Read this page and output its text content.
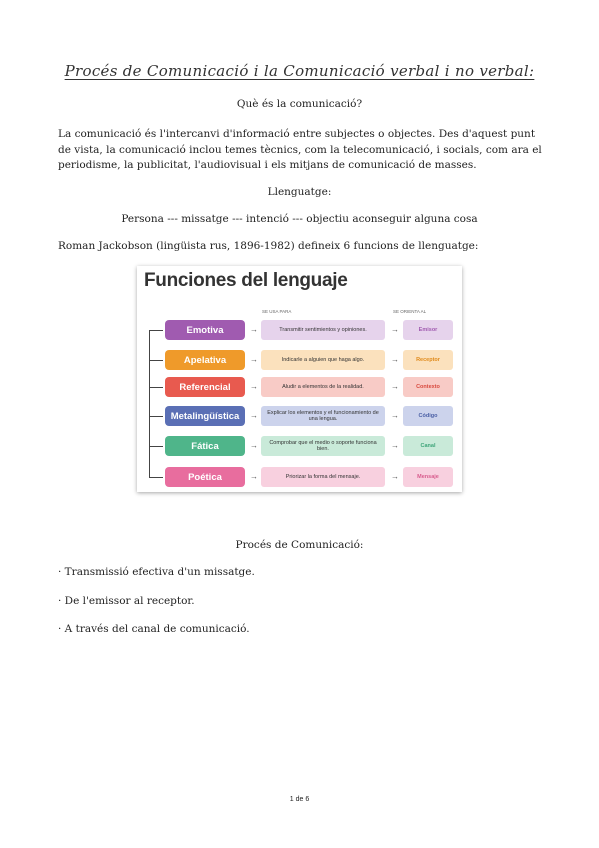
Procés de Comunicació i la Comunicació verbal i no verbal:
Què és la comunicació?
La comunicació és l'intercanvi d'informació entre subjectes o objectes. Des d'aquest punt de vista, la comunicació inclou temes tècnics, com la telecomunicació, i socials, com ara el periodisme, la publicitat, l'audiovisual i els mitjans de comunicació de masses.
Llenguatge:
Persona --- missatge --- intenció --- objectiu aconseguir alguna cosa
Roman Jackobson (lingüista rus, 1896-1982) defineix 6 funcions de llenguatge:
Funciones del lenguaje
SE USA PARA	SE ORIENTA AL
Emotiva	→	Transmitir sentimientos y opiniones.	→	Emisor
Apelativa	→	Indicarle a alguien que haga algo.	→	Receptor
Referencial	→	Aludir a elementos de la realidad.	→	Contexto
Metalingüística	→	Explicar los elementos y el funcionamiento de una lengua.	→	Código
Fática	→	Comprobar que el medio o soporte funciona bien.	→	Canal
Poética	→	Priorizar la forma del mensaje.	→	Mensaje
Procés de Comunicació:
· Transmissió efectiva d'un missatge.
· De l'emissor al receptor.
· A través del canal de comunicació.
1 de 6
